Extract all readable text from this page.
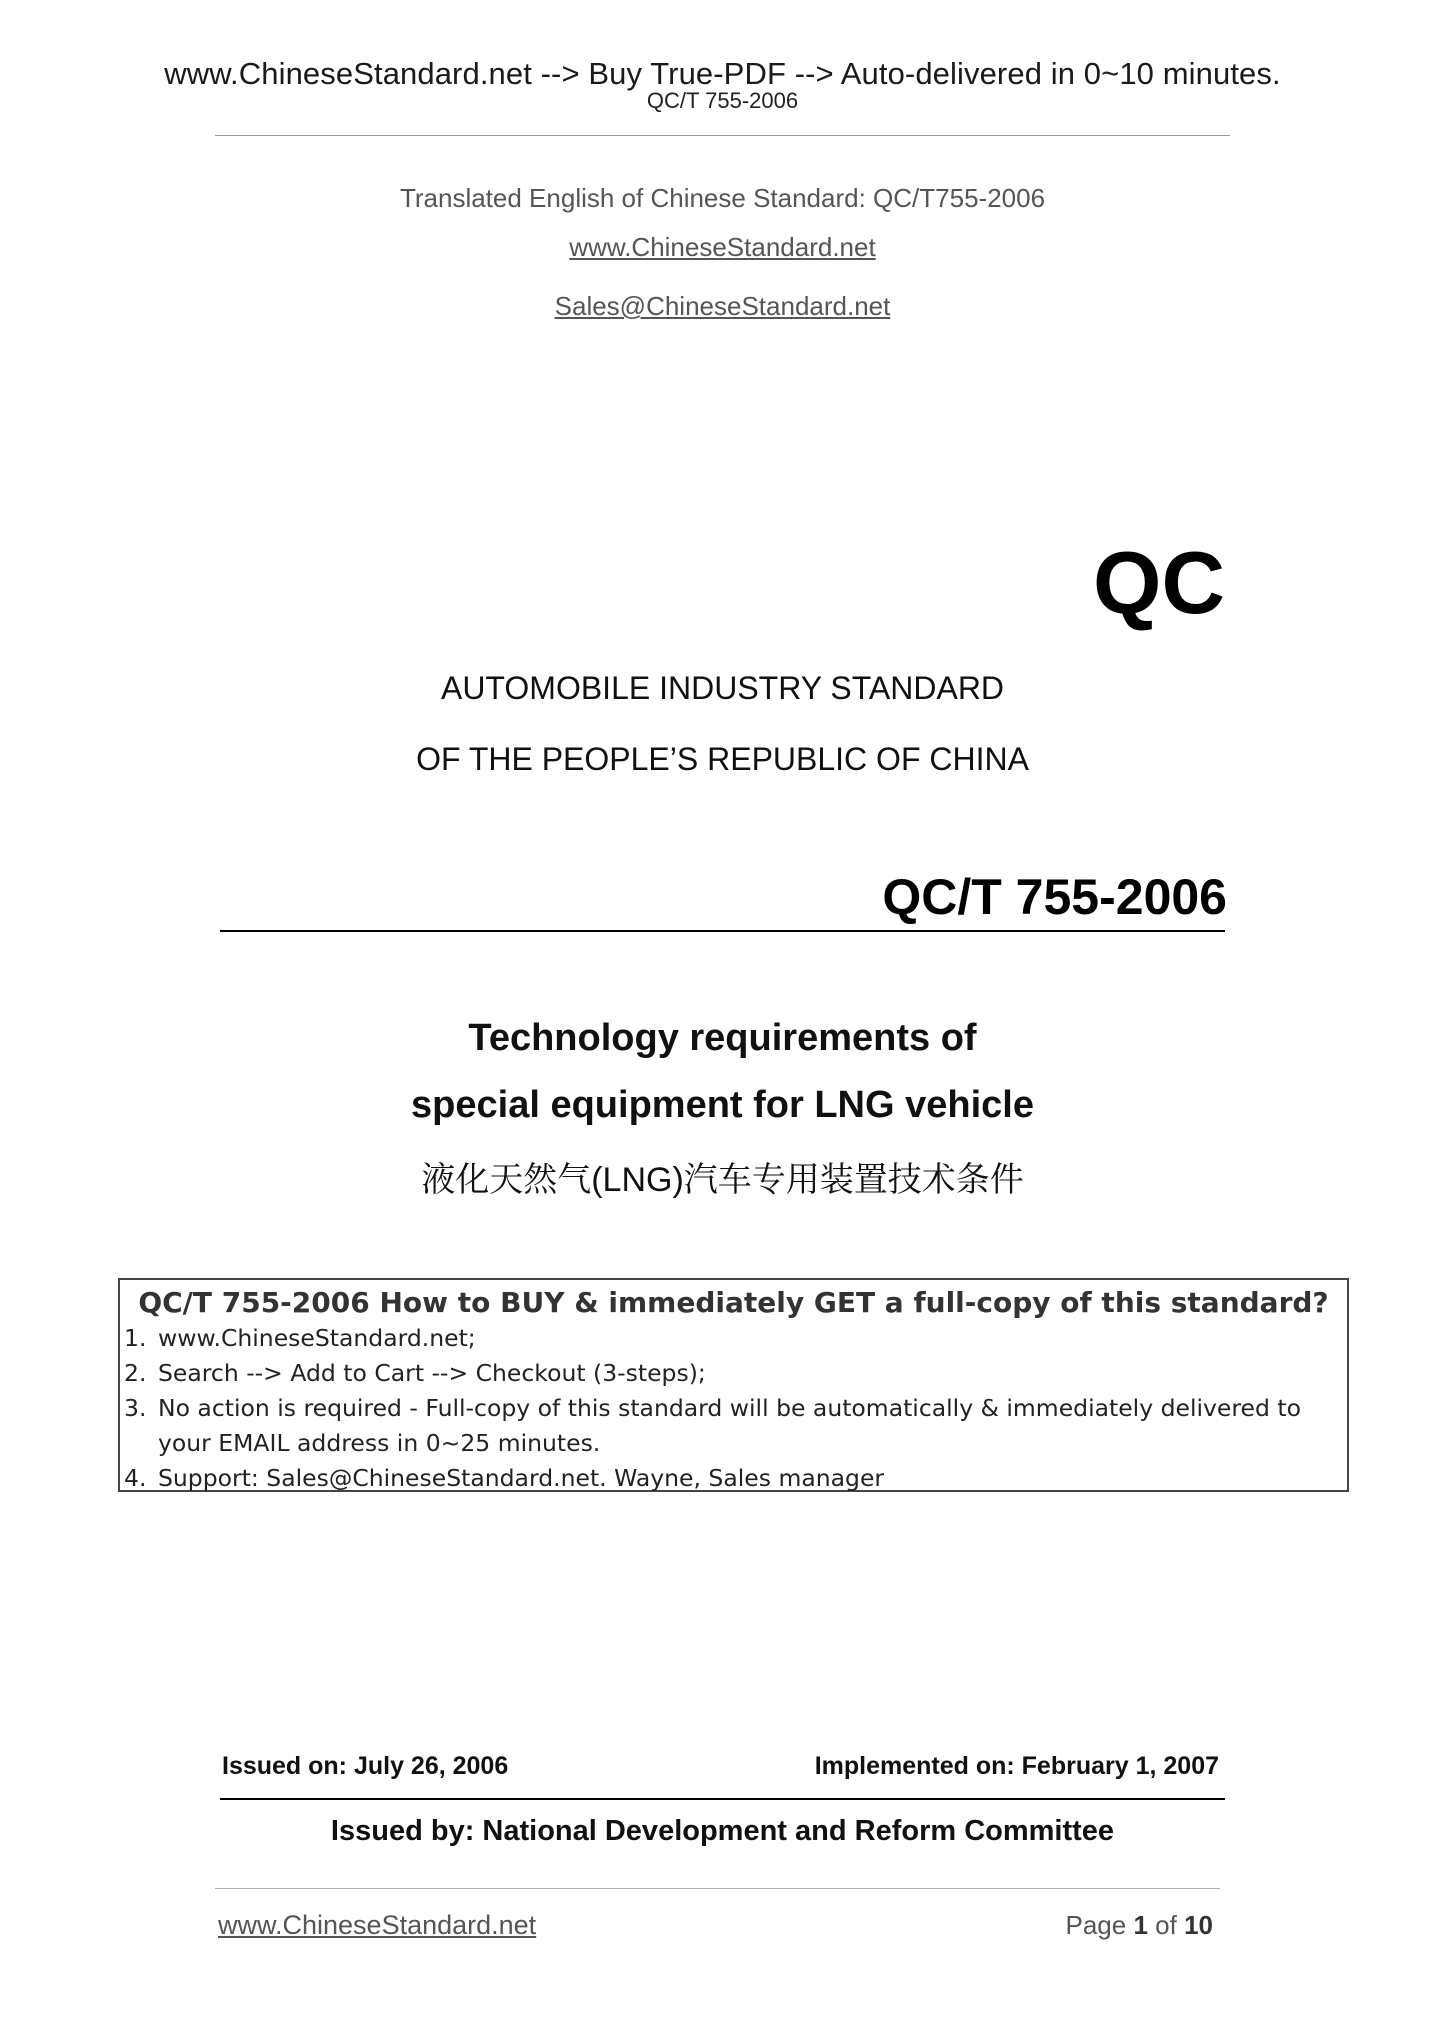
www.ChineseStandard.net --> Buy True-PDF --> Auto-delivered in 0~10 minutes.
QC/T 755-2006
Translated English of Chinese Standard: QC/T755-2006
www.ChineseStandard.net
Sales@ChineseStandard.net
QC
AUTOMOBILE INDUSTRY STANDARD
OF THE PEOPLE’S REPUBLIC OF CHINA
QC/T 755-2006
Technology requirements of
special equipment for LNG vehicle
液化天然气(LNG)汽车专用装置技术条件
QC/T 755-2006 How to BUY & immediately GET a full-copy of this standard?
1. www.ChineseStandard.net;
2. Search --> Add to Cart --> Checkout (3-steps);
3. No action is required - Full-copy of this standard will be automatically & immediately delivered to
your EMAIL address in 0~25 minutes.
4. Support: Sales@ChineseStandard.net. Wayne, Sales manager
Issued on: July 26, 2006	Implemented on: February 1, 2007
Issued by: National Development and Reform Committee
www.ChineseStandard.net	Page 1 of 10
